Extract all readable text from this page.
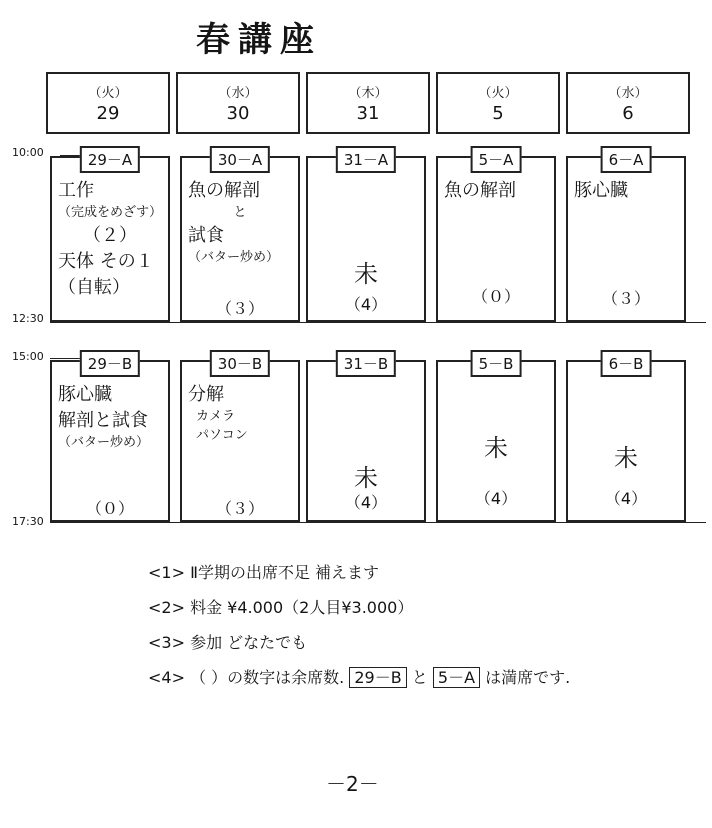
春講座
（火）
29
（水）
30
（木）
31
（火）
5
（水）
6
10:00
12:30
15:00
17:30
29－A
工作
（完成をめざす）
（２）
天体 その１
（自転）
30－A
魚の解剖
と
試食
（バター炒め）
（３）
31－A
未
（4）
5－A
魚の解剖
（０）
6－A
豚心臓
（３）
29－B
豚心臓
解剖と試食
（バター炒め）
（０）
30－B
分解
カメラ
パソコン
（３）
31－B
未
（4）
5－B
未
（4）
6－B
未
（4）
<1> Ⅱ学期の出席不足 補えます
<2> 料金 ¥4.000（2人目¥3.000）
<3> 参加 どなたでも
<4> （ ）の数字は余席数. 29－B と 5－A は満席です.
－2－
